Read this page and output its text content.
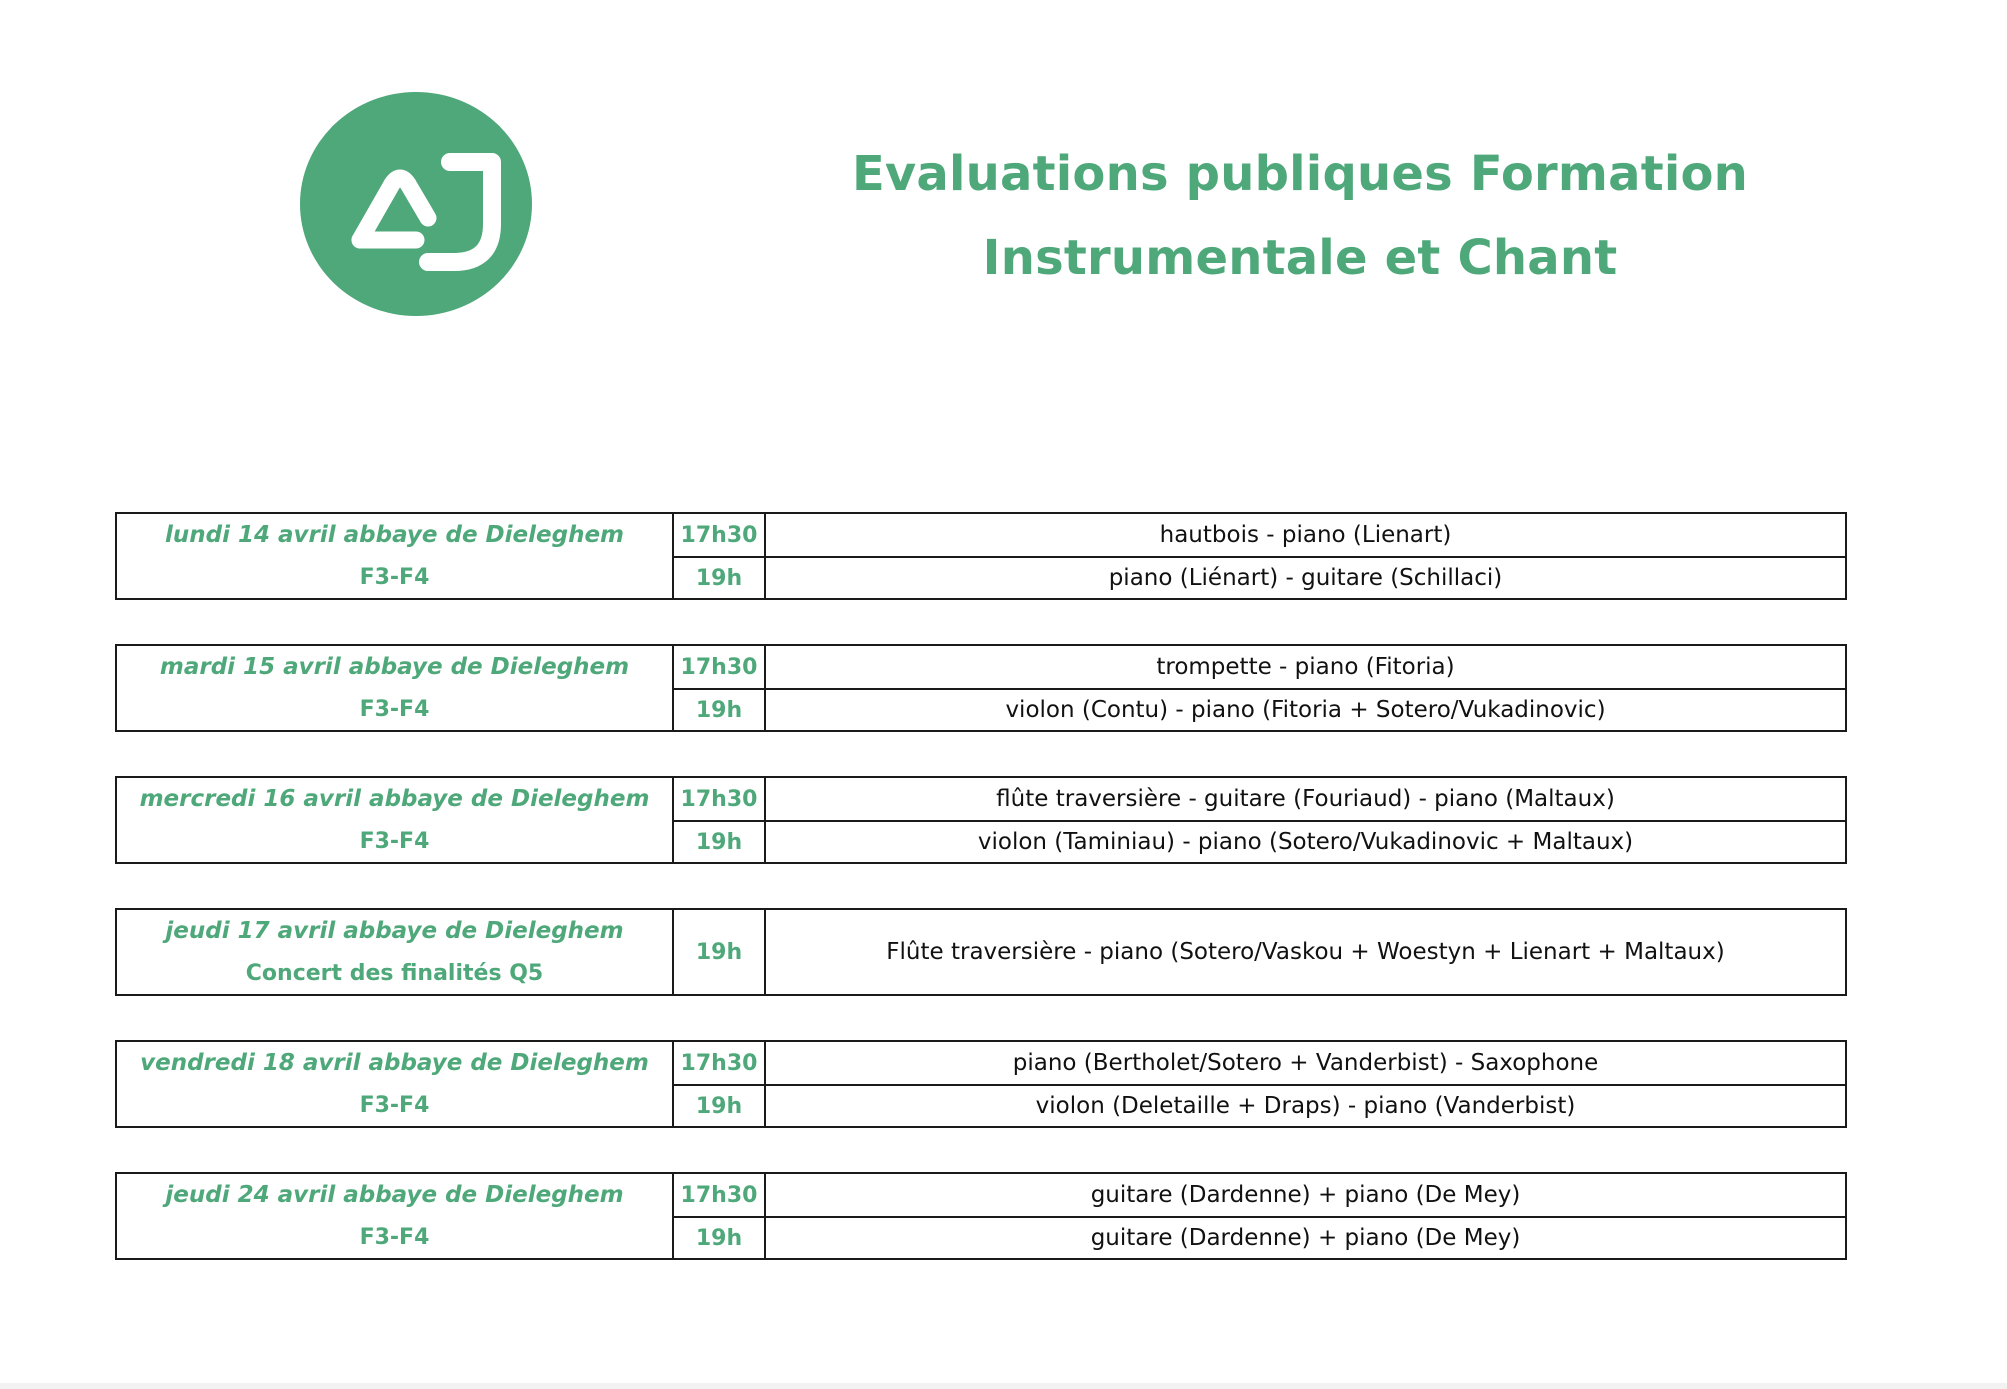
Evaluations publiques Formation
Instrumentale et Chant
lundi 14 avril abbaye de Dieleghem
F3-F4
17h30	hautbois - piano (Lienart)
19h	piano (Liénart) - guitare (Schillaci)
mardi 15 avril abbaye de Dieleghem
F3-F4
17h30	trompette - piano (Fitoria)
19h	violon (Contu) - piano (Fitoria + Sotero/Vukadinovic)
mercredi 16 avril abbaye de Dieleghem
F3-F4
17h30	flûte traversière - guitare (Fouriaud) - piano (Maltaux)
19h	violon (Taminiau) - piano (Sotero/Vukadinovic + Maltaux)
jeudi 17 avril abbaye de Dieleghem
Concert des finalités Q5
19h	Flûte traversière - piano (Sotero/Vaskou + Woestyn + Lienart + Maltaux)
vendredi 18 avril abbaye de Dieleghem
F3-F4
17h30	piano (Bertholet/Sotero + Vanderbist) - Saxophone
19h	violon (Deletaille + Draps) - piano (Vanderbist)
jeudi 24 avril abbaye de Dieleghem
F3-F4
17h30	guitare (Dardenne) + piano (De Mey)
19h	guitare (Dardenne) + piano (De Mey)
